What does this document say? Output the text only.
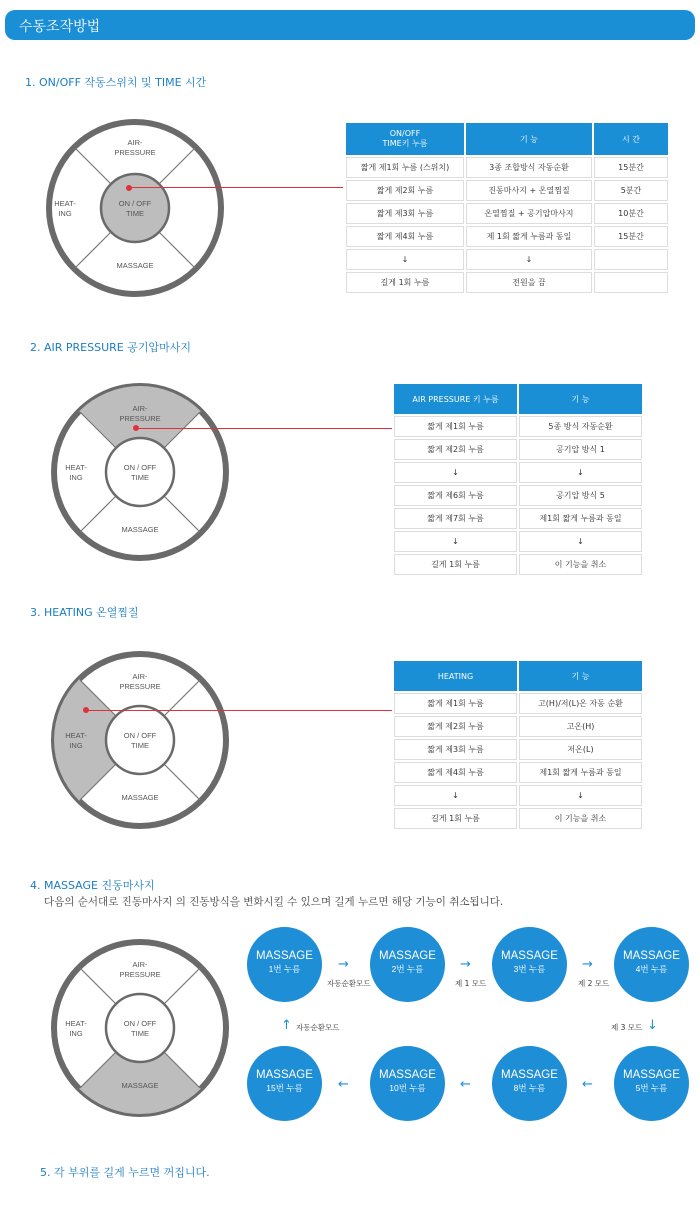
수동조작방법
1. ON/OFF 작동스위치 및 TIME 시간
AIR-
PRESSURE
HEAT-
ING
ON / OFF
TIME
MASSAGE
ON/OFF
TIME키 누름	기 능	시 간
짧게 제1회 누름 (스위치)	3종 조합방식 자동순환	15분간
짧게 제2회 누름	진동마사지 + 온열찜질	5분간
짧게 제3회 누름	온열찜질 + 공기압마사지	10분간
짧게 제4회 누름	제 1회 짧게 누름과 동일	15분간
↓	↓	
길게 1회 누름	전원을 끔	
2. AIR PRESSURE 공기압마사지
AIR-
PRESSURE
HEAT-
ING
ON / OFF
TIME
MASSAGE
AIR PRESSURE 키 누름	기 능
짧게 제1회 누름	5종 방식 자동순환
짧게 제2회 누름	공기압 방식 1
↓	↓
짧게 제6회 누름	공기압 방식 5
짧게 제7회 누름	제1회 짧게 누름과 동일
↓	↓
길게 1회 누름	이 기능을 취소
3. HEATING 온열찜질
AIR-
PRESSURE
HEAT-
ING
ON / OFF
TIME
MASSAGE
HEATING	기 능
짧게 제1회 누름	고(H)/저(L)온 자동 순환
짧게 제2회 누름	고온(H)
짧게 제3회 누름	저온(L)
짧게 제4회 누름	제1회 짧게 누름과 동일
↓	↓
길게 1회 누름	이 기능을 취소
4. MASSAGE 진동마사지
다음의 순서대로 진동마사지 의 진동방식을 변화시킬 수 있으며 길게 누르면 해당 기능이 취소됩니다.
AIR-
PRESSURE
HEAT-
ING
ON / OFF
TIME
MASSAGE
MASSAGE
1번 누름
MASSAGE
2번 누름
MASSAGE
3번 누름
MASSAGE
4번 누름
MASSAGE
15번 누름
MASSAGE
10번 누름
MASSAGE
8번 누름
MASSAGE
5번 누름
→
자동순환모드
→
제 1 모드
→
제 2 모드
↓
제 3 모드
←
←
←
↑ 자동순환모드
5. 각 부위를 길게 누르면 꺼집니다.
